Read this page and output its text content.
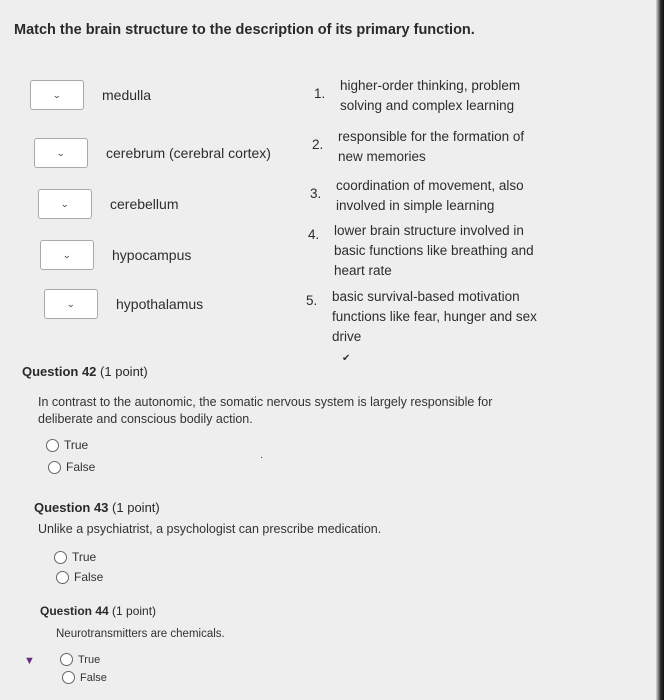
Match the brain structure to the description of its primary function.
⌄	medulla
⌄	cerebrum (cerebral cortex)
⌄	cerebellum
⌄	hypocampus
⌄	hypothalamus
1.
higher-order thinking, problem
solving and complex learning
2.
responsible for the formation of
new memories
3.
coordination of movement, also
involved in simple learning
4. lower brain structure involved in
basic functions like breathing and
heart rate
5. basic survival-based motivation
functions like fear, hunger and sex
drive
✔
Question 42 (1 point)
In contrast to the autonomic, the somatic nervous system is largely responsible for
deliberate and conscious bodily action.
True
False
·
Question 43 (1 point)
Unlike a psychiatrist, a psychologist can prescribe medication.
True
False
Question 44 (1 point)
Neurotransmitters are chemicals.
▼	True
False
